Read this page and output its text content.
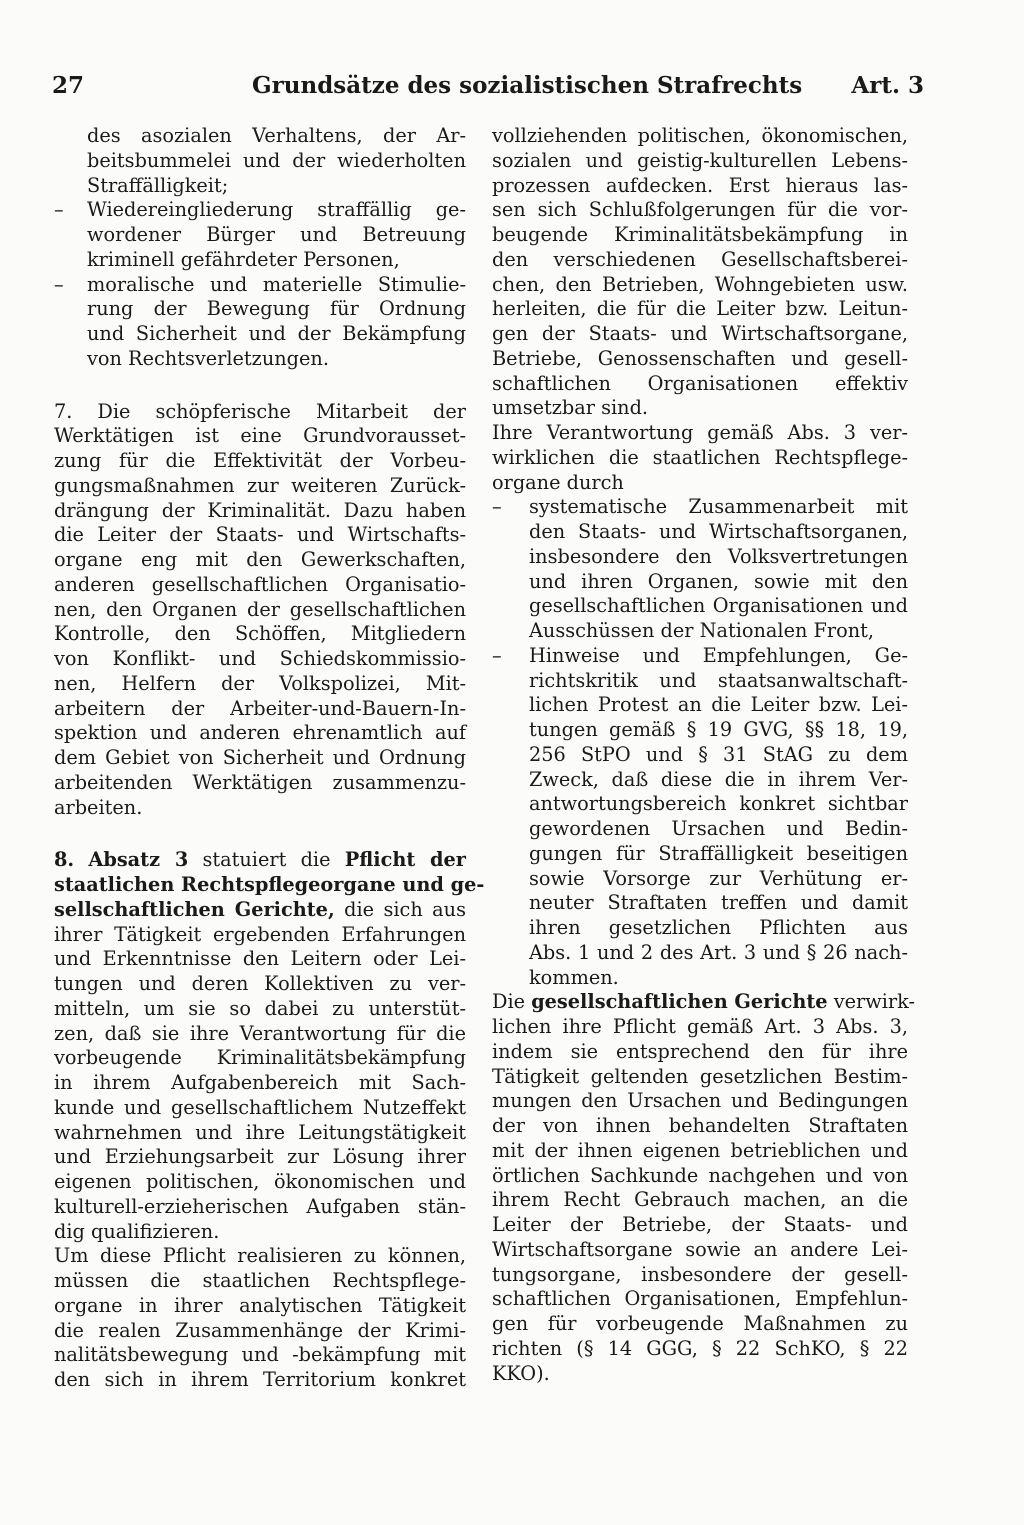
27	Grundsätze des sozialistischen Strafrechts Art. 3
des asozialen Verhaltens, der Ar-
beitsbummelei und der wiederholten
Straffälligkeit;
–	Wiedereingliederung straffällig ge-
wordener Bürger und Betreuung
kriminell gefährdeter Personen,
–	moralische und materielle Stimulie-
rung der Bewegung für Ordnung
und Sicherheit und der Bekämpfung
von Rechtsverletzungen.
7. Die schöpferische Mitarbeit der
Werktätigen ist eine Grundvorausset-
zung für die Effektivität der Vorbeu-
gungsmaßnahmen zur weiteren Zurück-
drängung der Kriminalität. Dazu haben
die Leiter der Staats- und Wirtschafts-
organe eng mit den Gewerkschaften,
anderen gesellschaftlichen Organisatio-
nen, den Organen der gesellschaftlichen
Kontrolle, den Schöffen, Mitgliedern
von Konflikt- und Schiedskommissio-
nen, Helfern der Volkspolizei, Mit-
arbeitern der Arbeiter-und-Bauern-In-
spektion und anderen ehrenamtlich auf
dem Gebiet von Sicherheit und Ordnung
arbeitenden Werktätigen zusammenzu-
arbeiten.
8. Absatz 3 statuiert die Pflicht der
staatlichen Rechtspflegeorgane und ge-
sellschaftlichen Gerichte, die sich aus
ihrer Tätigkeit ergebenden Erfahrungen
und Erkenntnisse den Leitern oder Lei-
tungen und deren Kollektiven zu ver-
mitteln, um sie so dabei zu unterstüt-
zen, daß sie ihre Verantwortung für die
vorbeugende Kriminalitätsbekämpfung
in ihrem Aufgabenbereich mit Sach-
kunde und gesellschaftlichem Nutzeffekt
wahrnehmen und ihre Leitungstätigkeit
und Erziehungsarbeit zur Lösung ihrer
eigenen politischen, ökonomischen und
kulturell-erzieherischen Aufgaben stän-
dig qualifizieren.
Um diese Pflicht realisieren zu können,
müssen die staatlichen Rechtspflege-
organe in ihrer analytischen Tätigkeit
die realen Zusammenhänge der Krimi-
nalitätsbewegung und -bekämpfung mit
den sich in ihrem Territorium konkret
vollziehenden politischen, ökonomischen,
sozialen und geistig-kulturellen Lebens-
prozessen aufdecken. Erst hieraus las-
sen sich Schlußfolgerungen für die vor-
beugende Kriminalitätsbekämpfung in
den verschiedenen Gesellschaftsberei-
chen, den Betrieben, Wohngebieten usw.
herleiten, die für die Leiter bzw. Leitun-
gen der Staats- und Wirtschaftsorgane,
Betriebe, Genossenschaften und gesell-
schaftlichen Organisationen effektiv
umsetzbar sind.
Ihre Verantwortung gemäß Abs. 3 ver-
wirklichen die staatlichen Rechtspflege-
organe durch
–	systematische Zusammenarbeit mit
den Staats- und Wirtschaftsorganen,
insbesondere den Volksvertretungen
und ihren Organen, sowie mit den
gesellschaftlichen Organisationen und
Ausschüssen der Nationalen Front,
–	Hinweise und Empfehlungen, Ge-
richtskritik und staatsanwaltschaft-
lichen Protest an die Leiter bzw. Lei-
tungen gemäß § 19 GVG, §§ 18, 19,
256 StPO und § 31 StAG zu dem
Zweck, daß diese die in ihrem Ver-
antwortungsbereich konkret sichtbar
gewordenen Ursachen und Bedin-
gungen für Straffälligkeit beseitigen
sowie Vorsorge zur Verhütung er-
neuter Straftaten treffen und damit
ihren gesetzlichen Pflichten aus
Abs. 1 und 2 des Art. 3 und § 26 nach-
kommen.
Die gesellschaftlichen Gerichte verwirk-
lichen ihre Pflicht gemäß Art. 3 Abs. 3,
indem sie entsprechend den für ihre
Tätigkeit geltenden gesetzlichen Bestim-
mungen den Ursachen und Bedingungen
der von ihnen behandelten Straftaten
mit der ihnen eigenen betrieblichen und
örtlichen Sachkunde nachgehen und von
ihrem Recht Gebrauch machen, an die
Leiter der Betriebe, der Staats- und
Wirtschaftsorgane sowie an andere Lei-
tungsorgane, insbesondere der gesell-
schaftlichen Organisationen, Empfehlun-
gen für vorbeugende Maßnahmen zu
richten (§ 14 GGG, § 22 SchKO, § 22
KKO).
